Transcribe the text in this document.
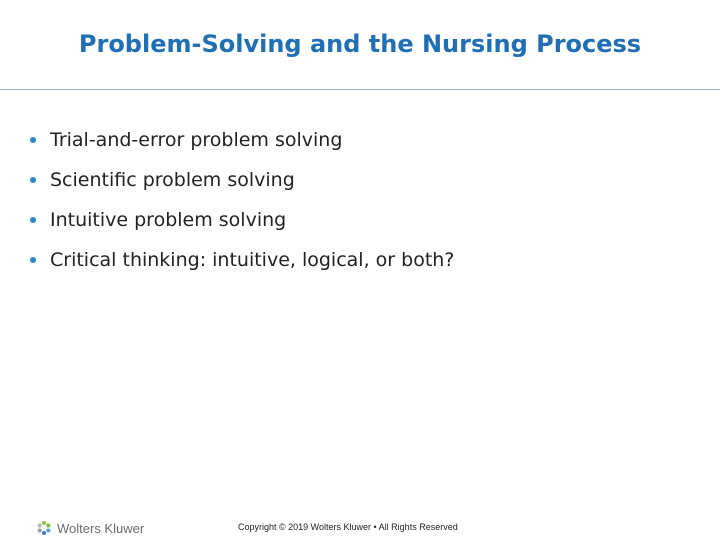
Problem-Solving and the Nursing Process
Trial-and-error problem solving
Scientific problem solving
Intuitive problem solving
Critical thinking: intuitive, logical, or both?
Wolters Kluwer	Copyright © 2019 Wolters Kluwer • All Rights Reserved
